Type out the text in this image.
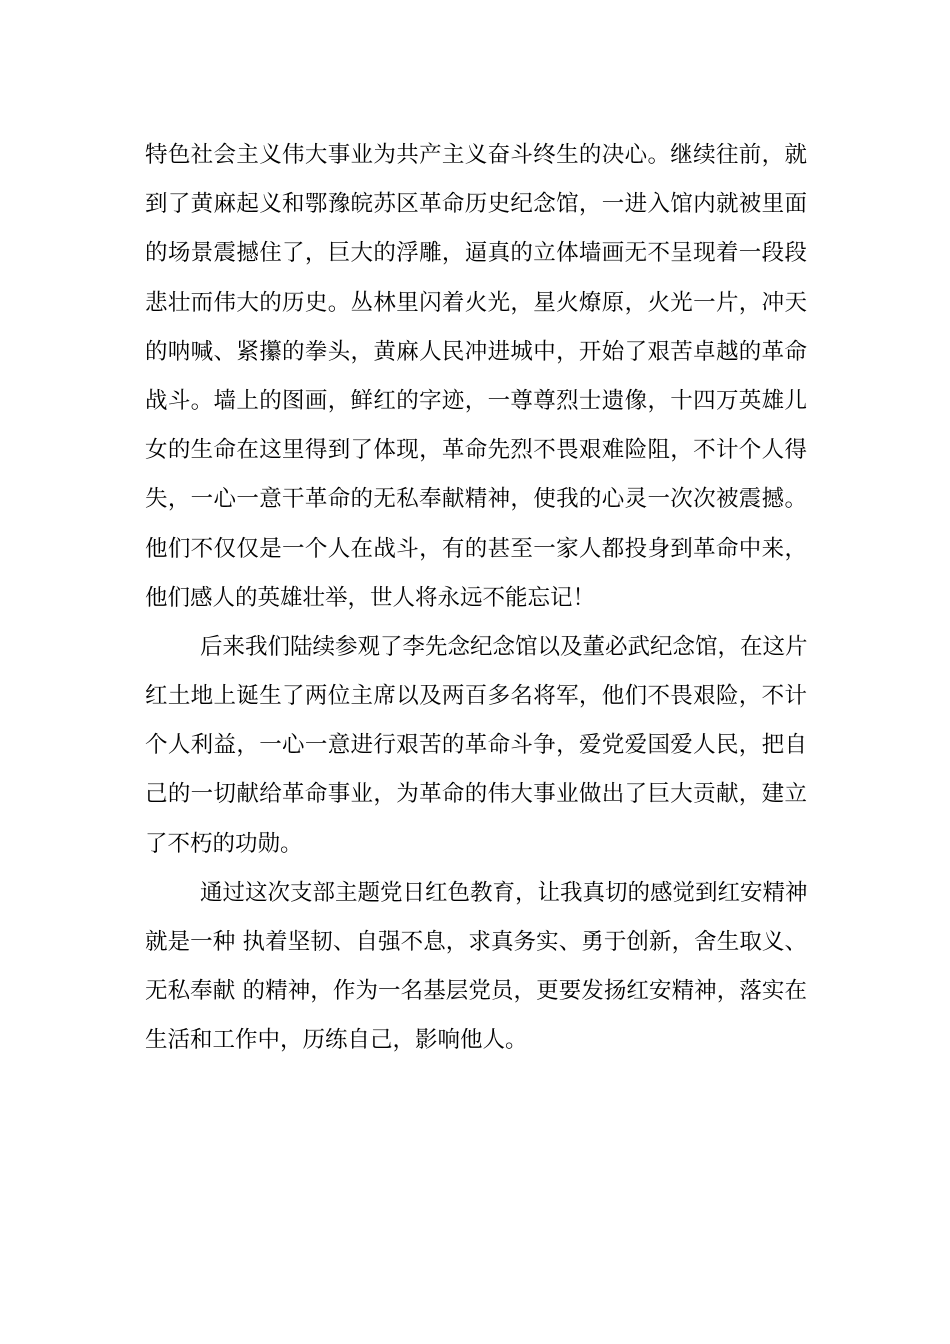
特色社会主义伟大事业为共产主义奋斗终生的决心。继续往前，就
到了黄麻起义和鄂豫皖苏区革命历史纪念馆，一进入馆内就被里面
的场景震撼住了，巨大的浮雕，逼真的立体墙画无不呈现着一段段
悲壮而伟大的历史。丛林里闪着火光，星火燎原，火光一片，冲天
的呐喊、紧攥的拳头，黄麻人民冲进城中，开始了艰苦卓越的革命
战斗。墙上的图画，鲜红的字迹，一尊尊烈士遗像，十四万英雄儿
女的生命在这里得到了体现，革命先烈不畏艰难险阻，不计个人得
失，一心一意干革命的无私奉献精神，使我的心灵一次次被震撼。
他们不仅仅是一个人在战斗，有的甚至一家人都投身到革命中来，
他们感人的英雄壮举，世人将永远不能忘记！
后来我们陆续参观了李先念纪念馆以及董必武纪念馆，在这片
红土地上诞生了两位主席以及两百多名将军，他们不畏艰险，不计
个人利益，一心一意进行艰苦的革命斗争，爱党爱国爱人民，把自
己的一切献给革命事业，为革命的伟大事业做出了巨大贡献，建立
了不朽的功勋。
通过这次支部主题党日红色教育，让我真切的感觉到红安精神
就是一种 执着坚韧、自强不息，求真务实、勇于创新，舍生取义、
无私奉献 的精神，作为一名基层党员，更要发扬红安精神，落实在
生活和工作中，历练自己，影响他人。
